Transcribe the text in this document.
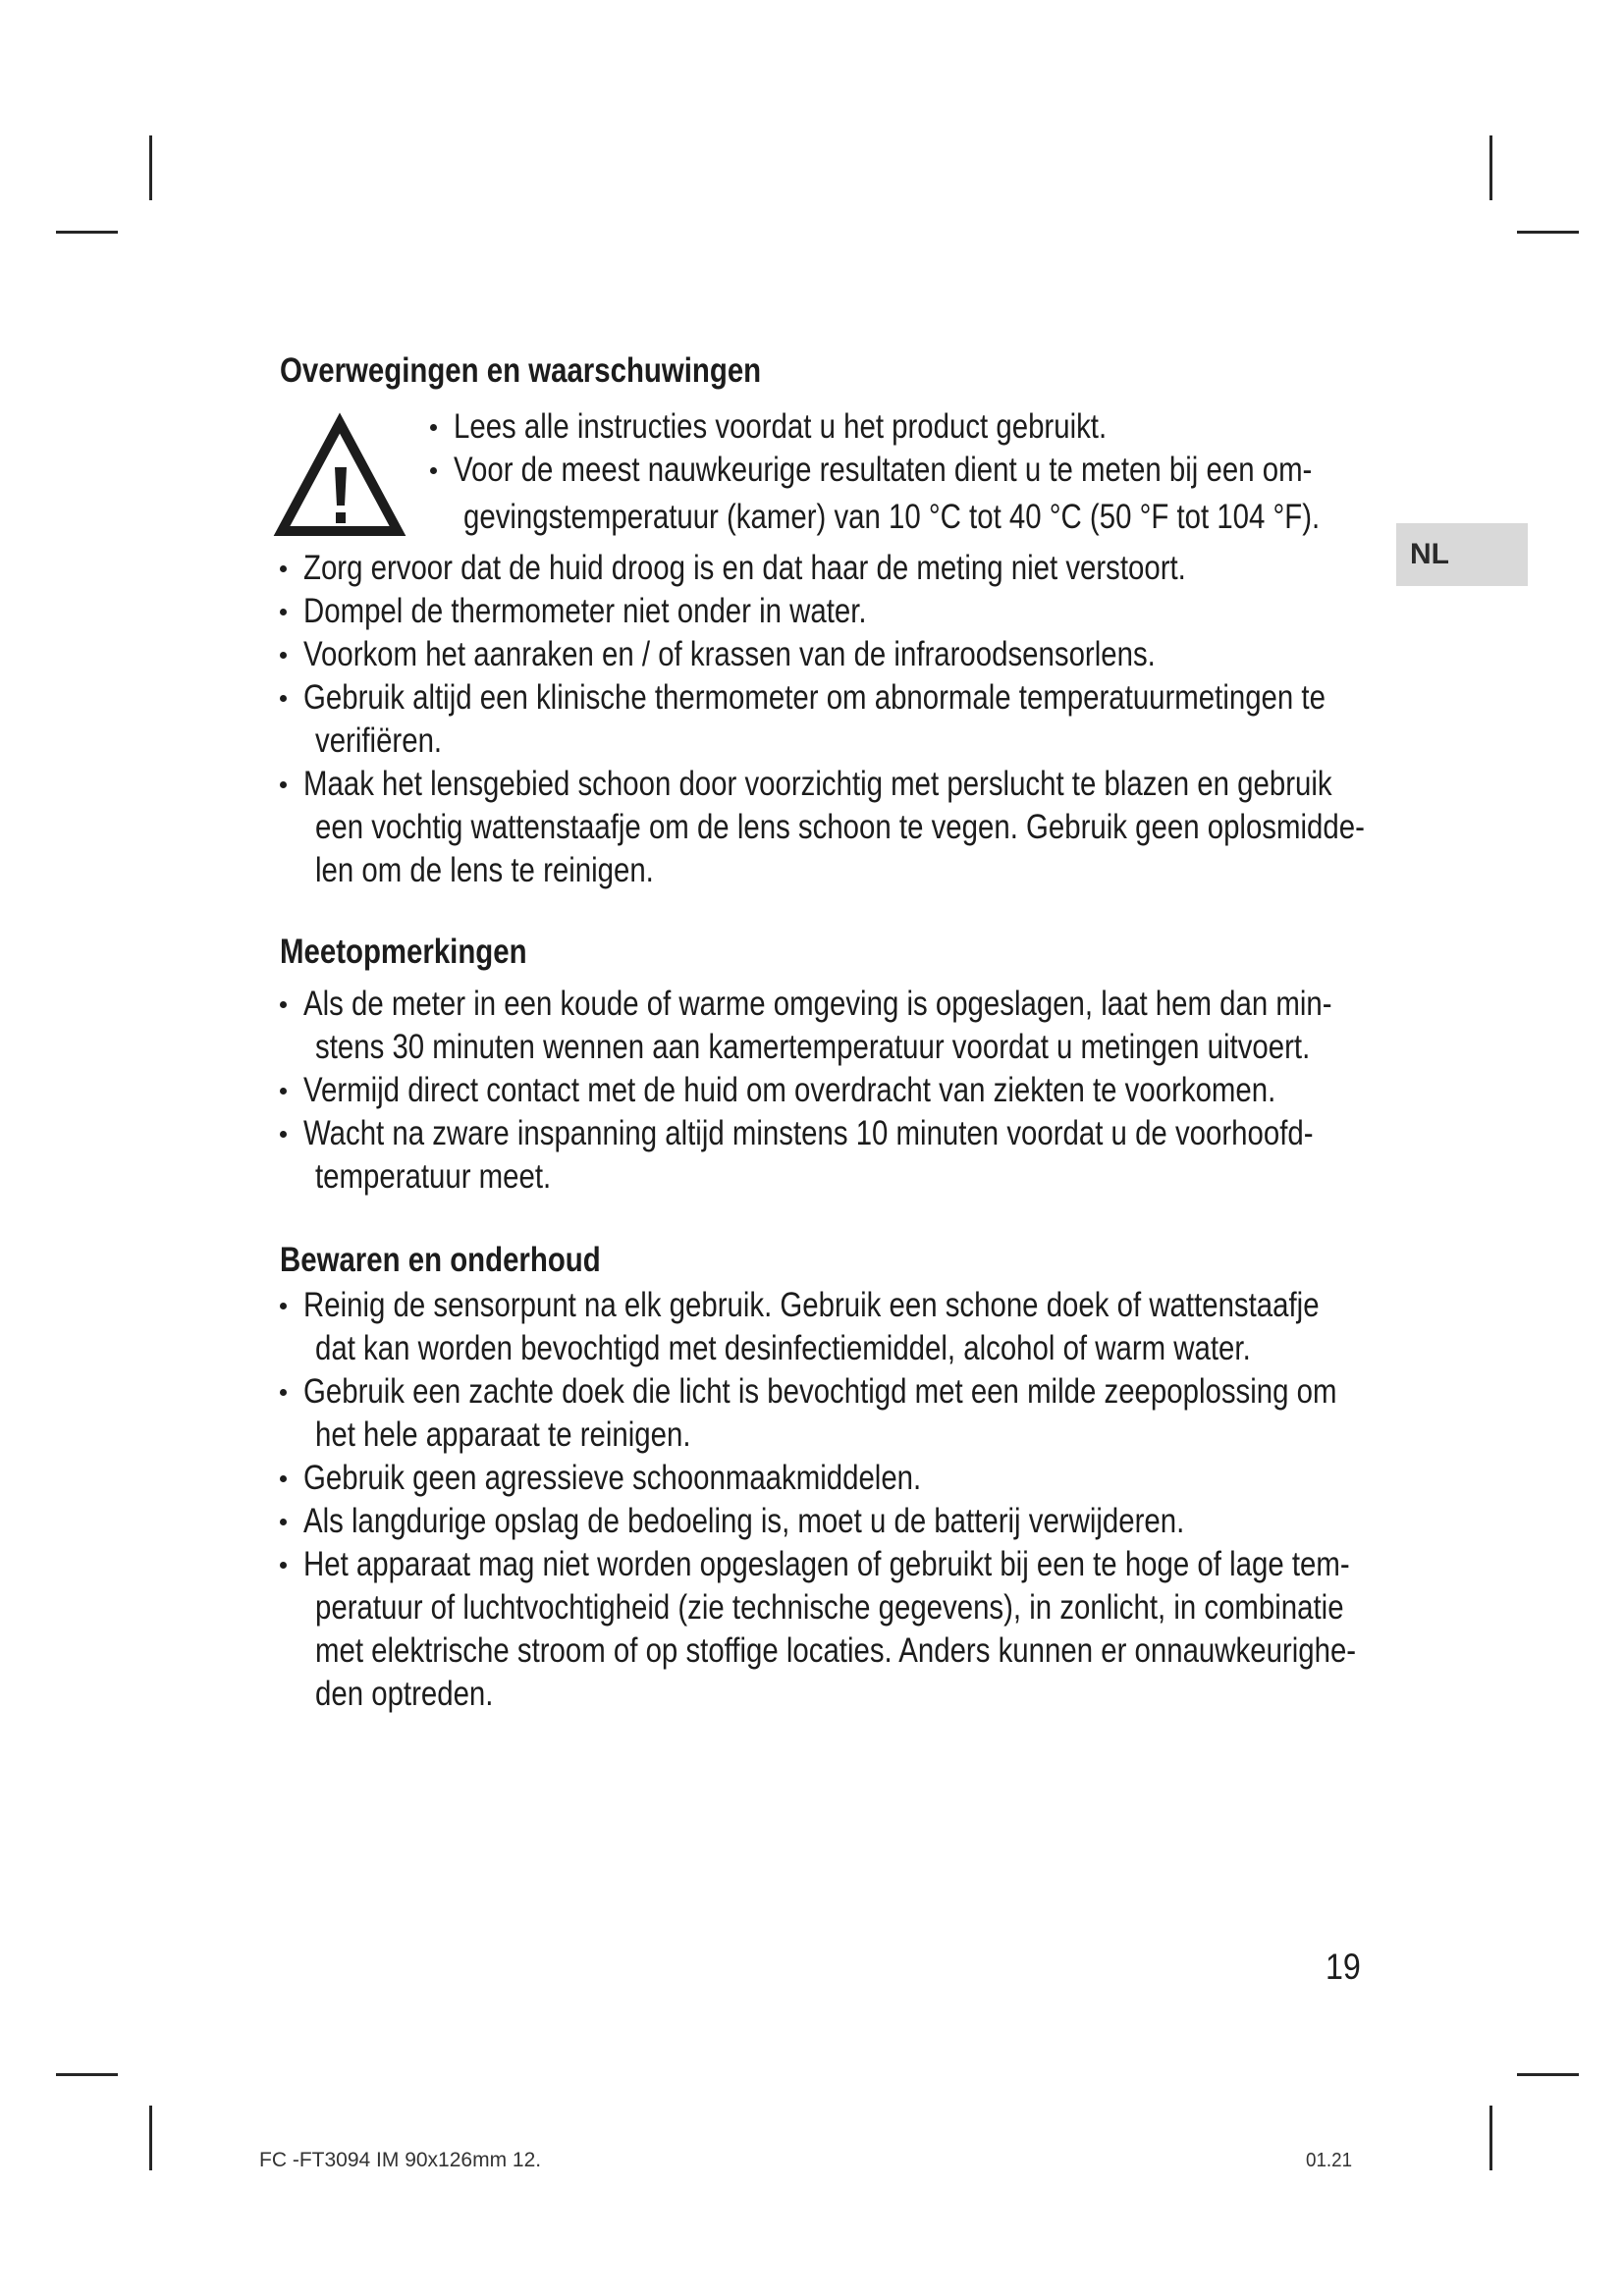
NL
Overwegingen en waarschuwingen
Lees alle instructies voordat u het product gebruikt.
Voor de meest nauwkeurige resultaten dient u te meten bij een om-
gevingstemperatuur (kamer) van 10 °C tot 40 °C (50 °F tot 104 °F).
Zorg ervoor dat de huid droog is en dat haar de meting niet verstoort.
Dompel de thermometer niet onder in water.
Voorkom het aanraken en / of krassen van de infraroodsensorlens.
Gebruik altijd een klinische thermometer om abnormale temperatuurmetingen te
verifiëren.
Maak het lensgebied schoon door voorzichtig met perslucht te blazen en gebruik
een vochtig wattenstaafje om de lens schoon te vegen. Gebruik geen oplosmidde-
len om de lens te reinigen.
Meetopmerkingen
Als de meter in een koude of warme omgeving is opgeslagen, laat hem dan min-
stens 30 minuten wennen aan kamertemperatuur voordat u metingen uitvoert.
Vermijd direct contact met de huid om overdracht van ziekten te voorkomen.
Wacht na zware inspanning altijd minstens 10 minuten voordat u de voorhoofd-
temperatuur meet.
Bewaren en onderhoud
Reinig de sensorpunt na elk gebruik. Gebruik een schone doek of wattenstaafje
dat kan worden bevochtigd met desinfectiemiddel, alcohol of warm water.
Gebruik een zachte doek die licht is bevochtigd met een milde zeepoplossing om
het hele apparaat te reinigen.
Gebruik geen agressieve schoonmaakmiddelen.
Als langdurige opslag de bedoeling is, moet u de batterij verwijderen.
Het apparaat mag niet worden opgeslagen of gebruikt bij een te hoge of lage tem-
peratuur of luchtvochtigheid (zie technische gegevens), in zonlicht, in combinatie
met elektrische stroom of op stoffige locaties. Anders kunnen er onnauwkeurighe-
den optreden.
19
FC -FT3094 IM 90x126mm 12.	01.21
